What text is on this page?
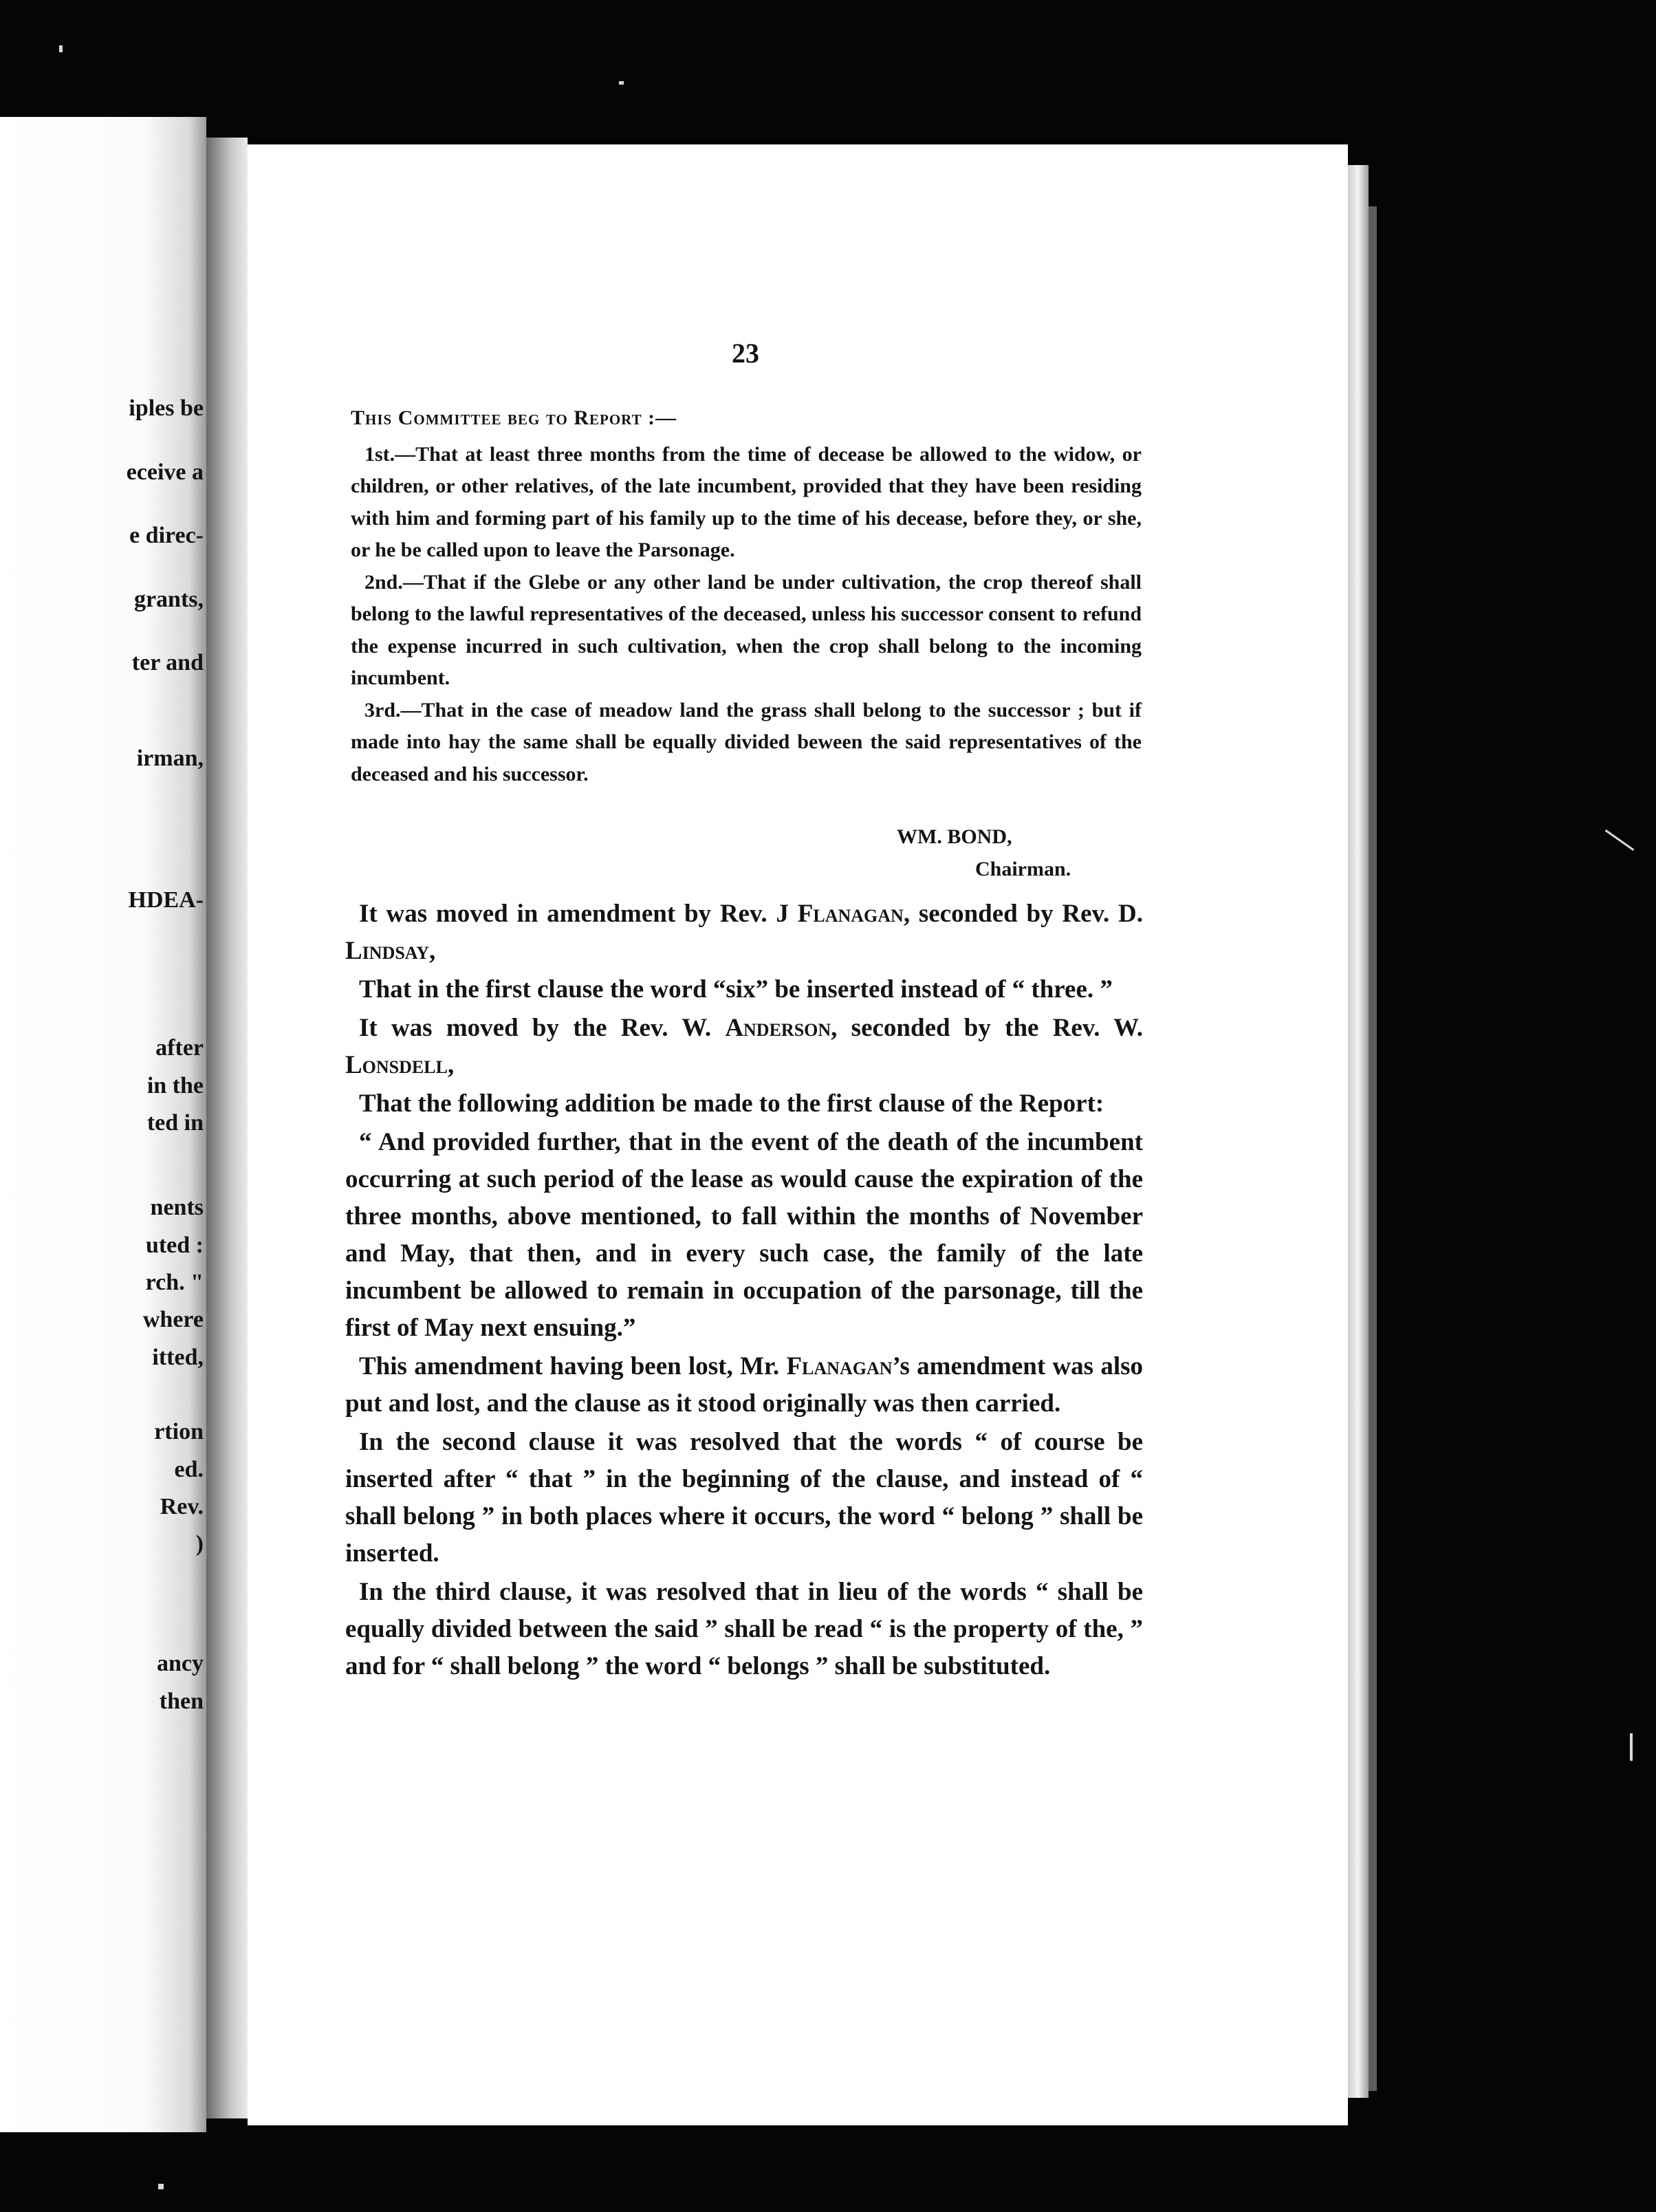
iples be
eceive a
e direc-
grants,
ter and
irman,
HDEA-
after
in the
ted in
nents
uted :
rch. "
where
itted,
rtion
ed.
Rev.
)
ancy
then
23

This Committee beg to Report :—

1st.—That at least three months from the time of decease be allowed to the widow, or children, or other relatives, of the late incumbent, provided that they have been residing with him and forming part of his family up to the time of his decease, before they, or she, or he be called upon to leave the Parsonage.

2nd.—That if the Glebe or any other land be under cultivation, the crop thereof shall belong to the lawful representatives of the deceased, unless his successor consent to refund the expense incurred in such cultivation, when the crop shall belong to the incoming incumbent.

3rd.—That in the case of meadow land the grass shall belong to the successor ; but if made into hay the same shall be equally divided beween the said representatives of the deceased and his successor.

WM. BOND,
Chairman.

It was moved in amendment by Rev. J Flanagan, seconded by Rev. D. Lindsay,

That in the first clause the word “six” be inserted instead of “ three. ”

It was moved by the Rev. W. Anderson, seconded by the Rev. W. Lonsdell,

That the following addition be made to the first clause of the Report:

“ And provided further, that in the event of the death of the incumbent occurring at such period of the lease as would cause the expiration of the three months, above mentioned, to fall within the months of November and May, that then, and in every such case, the family of the late incumbent be allowed to remain in occupation of the parsonage, till the first of May next ensuing.”

This amendment having been lost, Mr. Flanagan’s amendment was also put and lost, and the clause as it stood originally was then carried.

In the second clause it was resolved that the words “ of course be inserted after “ that ” in the beginning of the clause, and instead of “ shall belong ” in both places where it occurs, the word “ belong ” shall be inserted.

In the third clause, it was resolved that in lieu of the words “ shall be equally divided between the said ” shall be read “ is the property of the, ” and for “ shall belong ” the word “ belongs ” shall be substituted.
